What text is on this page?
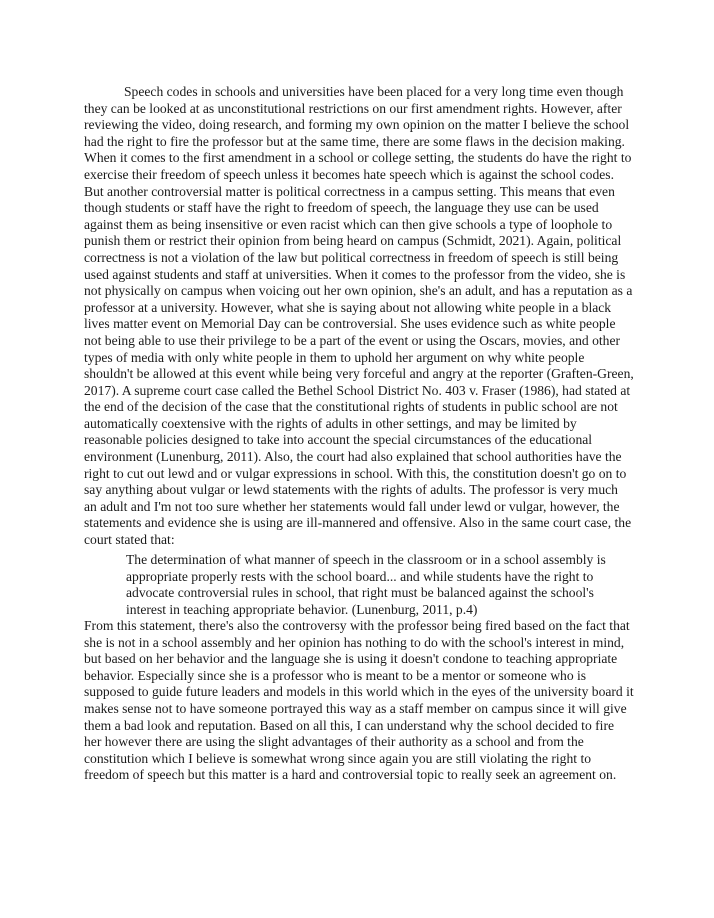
Speech codes in schools and universities have been placed for a very long time even though they can be looked at as unconstitutional restrictions on our first amendment rights. However, after reviewing the video, doing research, and forming my own opinion on the matter I believe the school had the right to fire the professor but at the same time, there are some flaws in the decision making. When it comes to the first amendment in a school or college setting, the students do have the right to exercise their freedom of speech unless it becomes hate speech which is against the school codes. But another controversial matter is political correctness in a campus setting. This means that even though students or staff have the right to freedom of speech, the language they use can be used against them as being insensitive or even racist which can then give schools a type of loophole to punish them or restrict their opinion from being heard on campus (Schmidt, 2021). Again, political correctness is not a violation of the law but political correctness in freedom of speech is still being used against students and staff at universities. When it comes to the professor from the video, she is not physically on campus when voicing out her own opinion, she's an adult, and has a reputation as a professor at a university. However, what she is saying about not allowing white people in a black lives matter event on Memorial Day can be controversial. She uses evidence such as white people not being able to use their privilege to be a part of the event or using the Oscars, movies, and other types of media with only white people in them to uphold her argument on why white people shouldn't be allowed at this event while being very forceful and angry at the reporter (Graften-Green, 2017). A supreme court case called the Bethel School District No. 403 v. Fraser (1986), had stated at the end of the decision of the case that the constitutional rights of students in public school are not automatically coextensive with the rights of adults in other settings, and may be limited by reasonable policies designed to take into account the special circumstances of the educational environment (Lunenburg, 2011). Also, the court had also explained that school authorities have the right to cut out lewd and or vulgar expressions in school. With this, the constitution doesn't go on to say anything about vulgar or lewd statements with the rights of adults. The professor is very much an adult and I'm not too sure whether her statements would fall under lewd or vulgar, however, the statements and evidence she is using are ill-mannered and offensive. Also in the same court case, the court stated that:

The determination of what manner of speech in the classroom or in a school assembly is appropriate properly rests with the school board... and while students have the right to advocate controversial rules in school, that right must be balanced against the school's interest in teaching appropriate behavior. (Lunenburg, 2011, p.4)

From this statement, there's also the controversy with the professor being fired based on the fact that she is not in a school assembly and her opinion has nothing to do with the school's interest in mind, but based on her behavior and the language she is using it doesn't condone to teaching appropriate behavior. Especially since she is a professor who is meant to be a mentor or someone who is supposed to guide future leaders and models in this world which in the eyes of the university board it makes sense not to have someone portrayed this way as a staff member on campus since it will give them a bad look and reputation. Based on all this, I can understand why the school decided to fire her however there are using the slight advantages of their authority as a school and from the constitution which I believe is somewhat wrong since again you are still violating the right to freedom of speech but this matter is a hard and controversial topic to really seek an agreement on.
